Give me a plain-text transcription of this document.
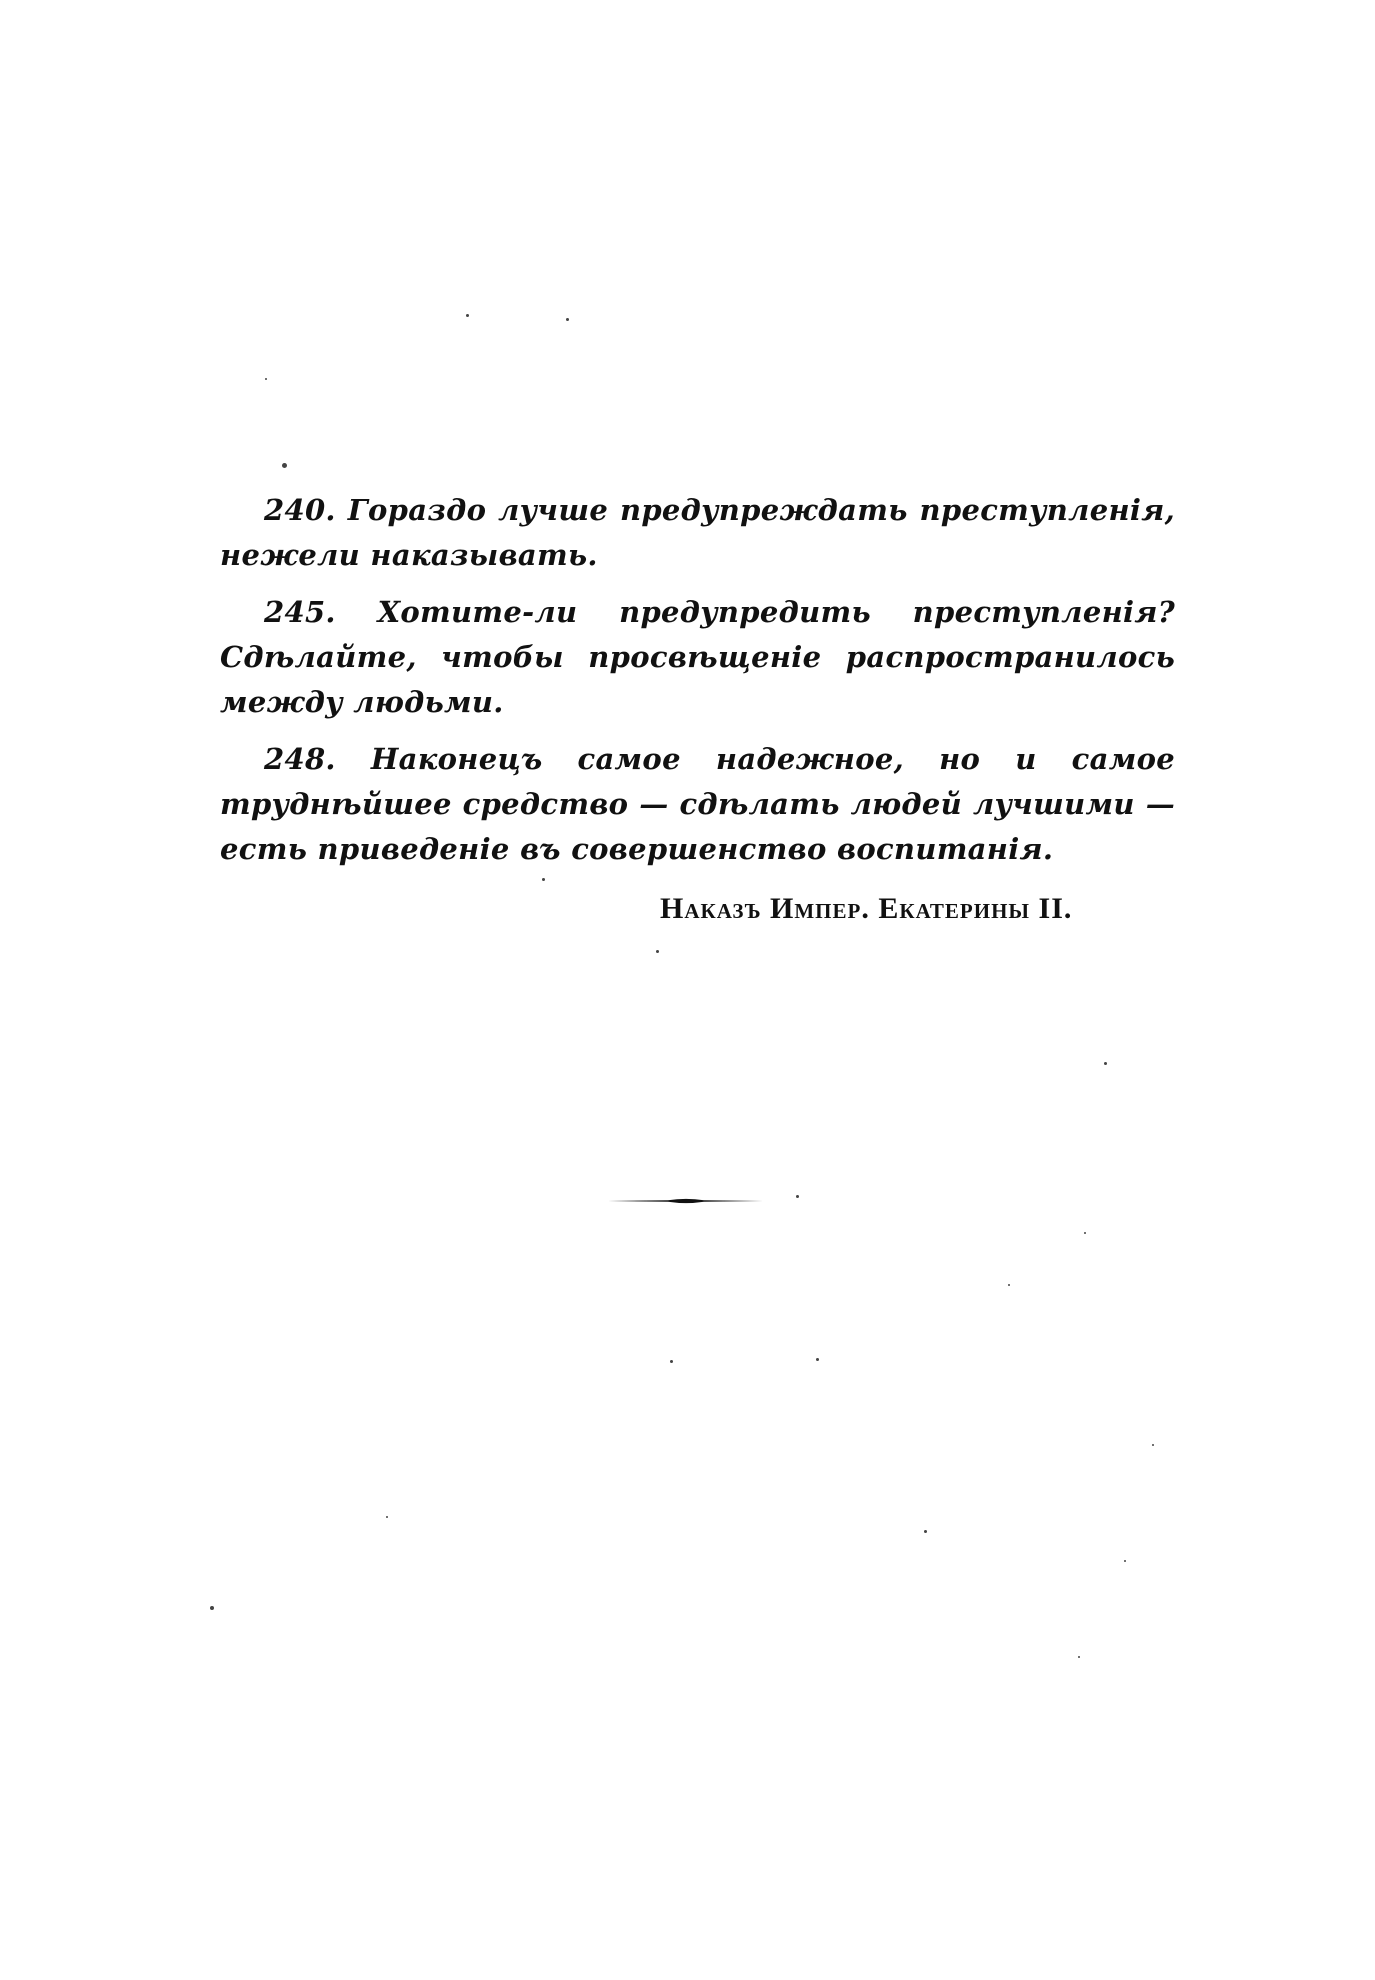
240. Гораздо лучше предупреждать преступленія, нежели наказывать.

245. Хотите-ли предупредить преступленія? Сдѣлайте, чтобы просвѣщеніе распространилось между людьми.

248. Наконецъ самое надежное, но и самое труднѣйшее средство — сдѣлать людей лучшими — есть приведеніе въ совершенство воспитанія.

Наказъ Импер. Екатерины II.
